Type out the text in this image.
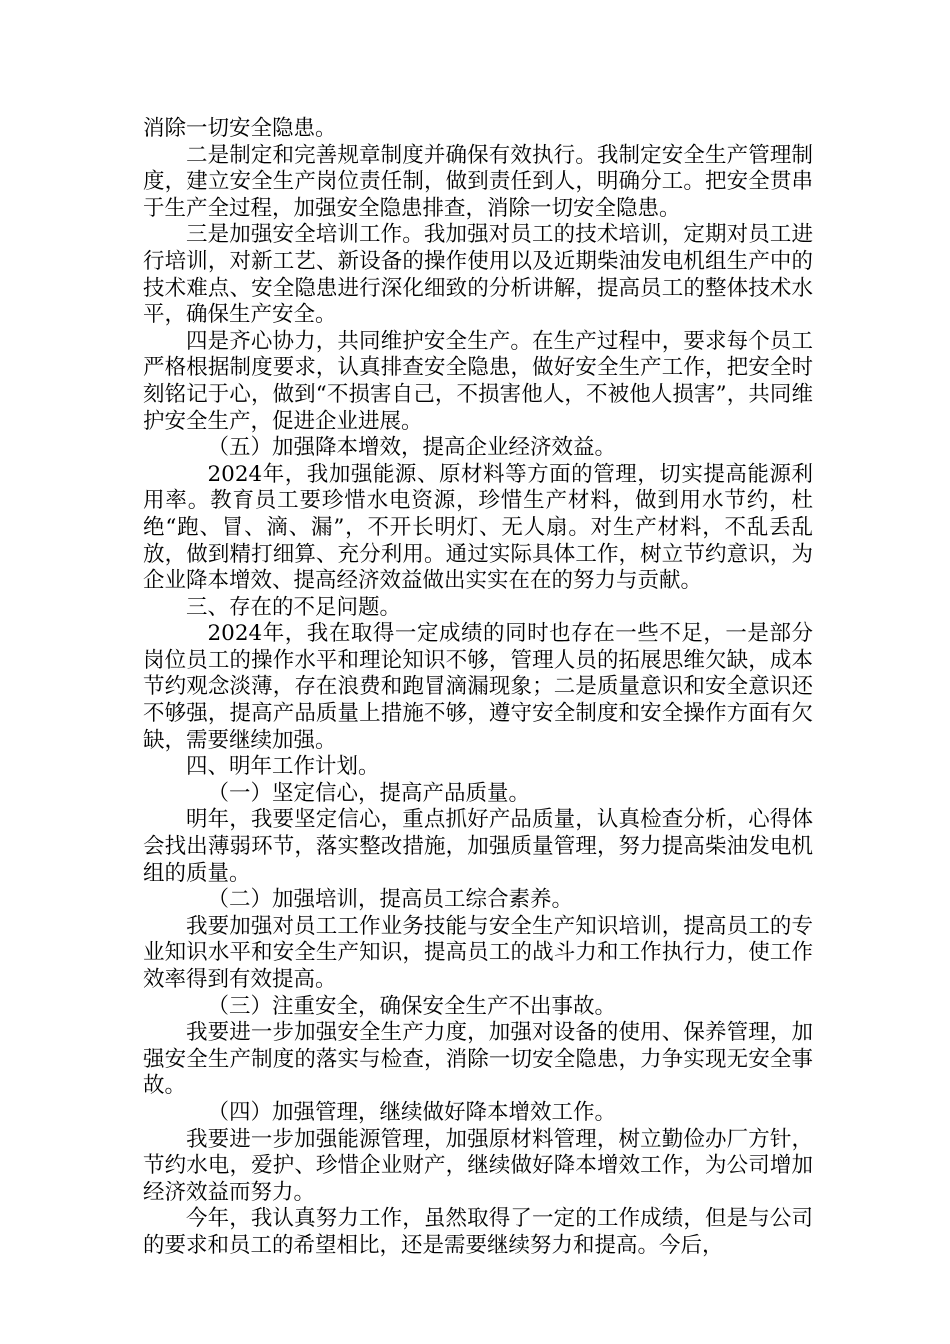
消除一切安全隐患。

二是制定和完善规章制度并确保有效执行。我制定安全生产管理制度，建立安全生产岗位责任制，做到责任到人，明确分工。把安全贯串于生产全过程，加强安全隐患排查，消除一切安全隐患。

三是加强安全培训工作。我加强对员工的技术培训，定期对员工进行培训，对新工艺、新设备的操作使用以及近期柴油发电机组生产中的技术难点、安全隐患进行深化细致的分析讲解，提高员工的整体技术水平，确保生产安全。

四是齐心协力，共同维护安全生产。在生产过程中，要求每个员工严格根据制度要求，认真排查安全隐患，做好安全生产工作，把安全时刻铭记于心，做到“不损害自己，不损害他人，不被他人损害”，共同维护安全生产，促进企业进展。

（五）加强降本增效，提高企业经济效益。

2024年，我加强能源、原材料等方面的管理，切实提高能源利用率。教育员工要珍惜水电资源，珍惜生产材料，做到用水节约，杜绝“跑、冒、滴、漏”，不开长明灯、无人扇。对生产材料，不乱丢乱放，做到精打细算、充分利用。通过实际具体工作，树立节约意识，为企业降本增效、提高经济效益做出实实在在的努力与贡献。

三、存在的不足问题。

2024年，我在取得一定成绩的同时也存在一些不足，一是部分岗位员工的操作水平和理论知识不够，管理人员的拓展思维欠缺，成本节约观念淡薄，存在浪费和跑冒滴漏现象；二是质量意识和安全意识还不够强，提高产品质量上措施不够，遵守安全制度和安全操作方面有欠缺，需要继续加强。

四、明年工作计划。

（一）坚定信心，提高产品质量。

明年，我要坚定信心，重点抓好产品质量，认真检查分析，心得体会找出薄弱环节，落实整改措施，加强质量管理，努力提高柴油发电机组的质量。

（二）加强培训，提高员工综合素养。

我要加强对员工工作业务技能与安全生产知识培训，提高员工的专业知识水平和安全生产知识，提高员工的战斗力和工作执行力，使工作效率得到有效提高。

（三）注重安全，确保安全生产不出事故。

我要进一步加强安全生产力度，加强对设备的使用、保养管理，加强安全生产制度的落实与检查，消除一切安全隐患，力争实现无安全事故。

（四）加强管理，继续做好降本增效工作。

我要进一步加强能源管理，加强原材料管理，树立勤俭办厂方针，节约水电，爱护、珍惜企业财产，继续做好降本增效工作，为公司增加经济效益而努力。

今年，我认真努力工作，虽然取得了一定的工作成绩，但是与公司的要求和员工的希望相比，还是需要继续努力和提高。今后，
